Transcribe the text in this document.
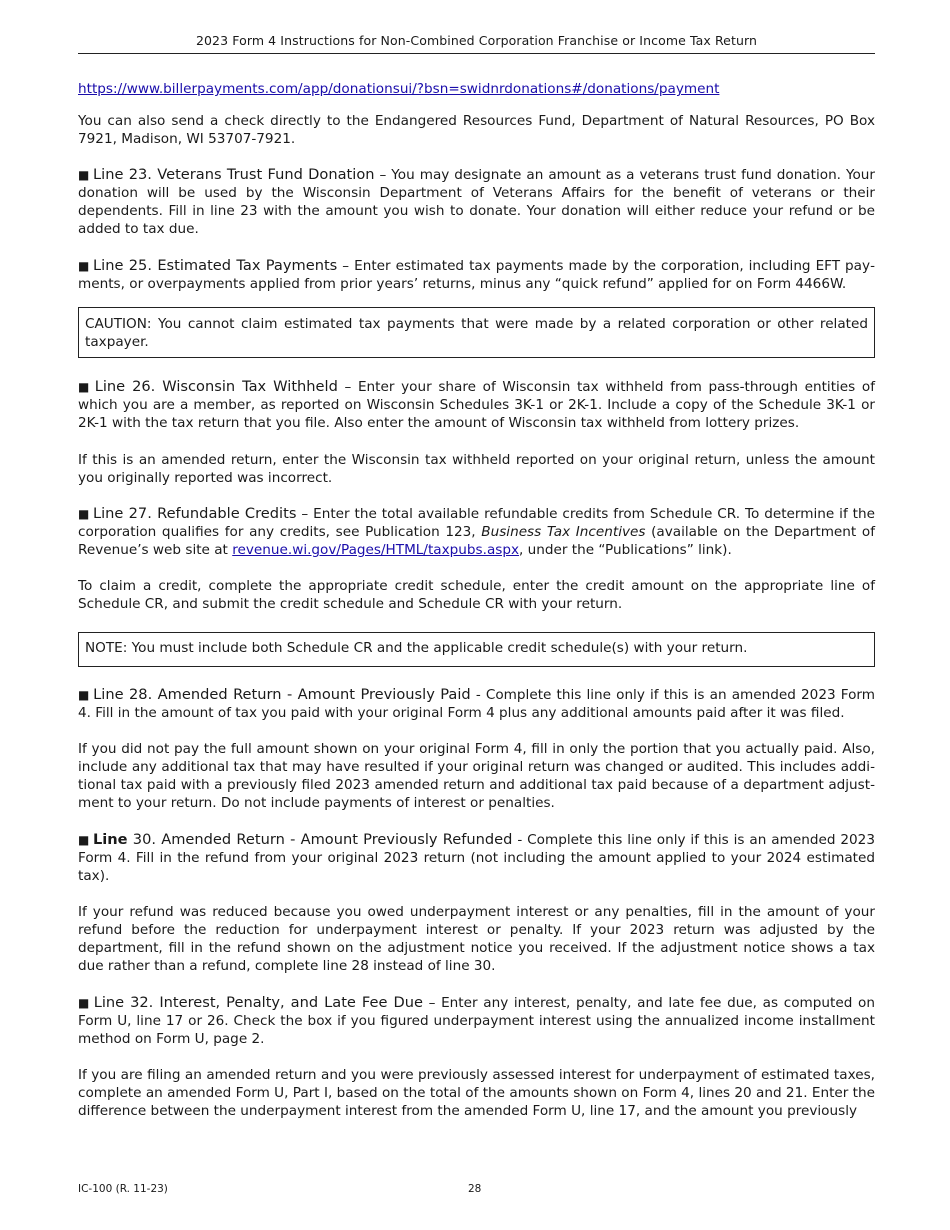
2023 Form 4 Instructions for Non-Combined Corporation Franchise or Income Tax Return

https://www.billerpayments.com/app/donationsui/?bsn=swidnrdonations#/donations/payment

You can also send a check directly to the Endangered Resources Fund, Department of Natural Resources, PO Box 7921, Madison, WI 53707-7921.

■ Line 23. Veterans Trust Fund Donation – You may designate an amount as a veterans trust fund donation. Your donation will be used by the Wisconsin Department of Veterans Affairs for the benefit of veterans or their dependents. Fill in line 23 with the amount you wish to donate. Your donation will either reduce your refund or be added to tax due.

■ Line 25. Estimated Tax Payments – Enter estimated tax payments made by the corporation, including EFT payments, or overpayments applied from prior years’ returns, minus any “quick refund” applied for on Form 4466W.

CAUTION: You cannot claim estimated tax payments that were made by a related corporation or other related taxpayer.

■ Line 26. Wisconsin Tax Withheld – Enter your share of Wisconsin tax withheld from pass-through entities of which you are a member, as reported on Wisconsin Schedules 3K-1 or 2K-1. Include a copy of the Schedule 3K-1 or 2K-1 with the tax return that you file. Also enter the amount of Wisconsin tax withheld from lottery prizes.

If this is an amended return, enter the Wisconsin tax withheld reported on your original return, unless the amount you originally reported was incorrect.

■ Line 27. Refundable Credits – Enter the total available refundable credits from Schedule CR. To determine if the corporation qualifies for any credits, see Publication 123, Business Tax Incentives (available on the Department of Revenue’s web site at revenue.wi.gov/Pages/HTML/taxpubs.aspx, under the “Publications” link).

To claim a credit, complete the appropriate credit schedule, enter the credit amount on the appropriate line of Schedule CR, and submit the credit schedule and Schedule CR with your return.

NOTE: You must include both Schedule CR and the applicable credit schedule(s) with your return.

■ Line 28. Amended Return - Amount Previously Paid - Complete this line only if this is an amended 2023 Form 4. Fill in the amount of tax you paid with your original Form 4 plus any additional amounts paid after it was filed.

If you did not pay the full amount shown on your original Form 4, fill in only the portion that you actually paid. Also, include any additional tax that may have resulted if your original return was changed or audited. This includes additional tax paid with a previously filed 2023 amended return and additional tax paid because of a department adjustment to your return. Do not include payments of interest or penalties.

■ Line 30. Amended Return - Amount Previously Refunded - Complete this line only if this is an amended 2023 Form 4. Fill in the refund from your original 2023 return (not including the amount applied to your 2024 estimated tax).

If your refund was reduced because you owed underpayment interest or any penalties, fill in the amount of your refund before the reduction for underpayment interest or penalty. If your 2023 return was adjusted by the department, fill in the refund shown on the adjustment notice you received. If the adjustment notice shows a tax due rather than a refund, complete line 28 instead of line 30.

■ Line 32. Interest, Penalty, and Late Fee Due – Enter any interest, penalty, and late fee due, as computed on Form U, line 17 or 26. Check the box if you figured underpayment interest using the annualized income installment method on Form U, page 2.

If you are filing an amended return and you were previously assessed interest for underpayment of estimated taxes, complete an amended Form U, Part I, based on the total of the amounts shown on Form 4, lines 20 and 21. Enter the difference between the underpayment interest from the amended Form U, line 17, and the amount you previously

IC-100 (R. 11-23)	28
